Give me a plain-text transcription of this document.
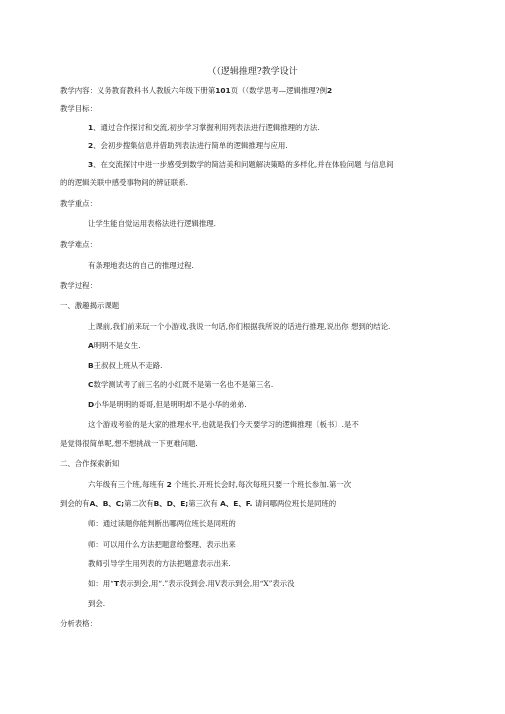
（（逻辑推理?教学设计
教学内容：义务教育教科书人教版六年级下册第101页（（数学思考—逻辑推理?例2
教学目标：
1、通过合作探讨和交流,初步学习掌握利用列表法进行逻辑推理的方法.
2、会初步搜集信息并借助列表法进行简单的逻辑推理与应用.
3、在交流探讨中进一步感受到数学的简洁美和问题解决策略的多样化,并在体验问题 与信息间
的的逻辑关联中感受事物间的辨证联系.
教学重点：
让学生能自觉运用表格法进行逻辑推理.
教学难点：
有条理地表达的自己的推理过程.
教学过程：
一、激趣揭示课题
上课前,我们前来玩一个小游戏,我说一句话,你们根据我所说的话进行推理,说出你 想到的结论.
A明明不是女生.
B王叔叔上班从不走路.
C数学测试考了前三名的小红既不是第一名也不是第三名.
D小华是明明的哥哥,但是明明却不是小华的弟弟.
这个游戏考验的是大家的推理水平,也就是我们今天要学习的逻辑推理〔板书〕.是不
是觉得很简单呢,想不想挑战一下更难问题.
二、合作探索新知
六年级有三个班,每班有 2 个班长.开班长会时,每次每班只要一个班长参加.第一次
到会的有A、B、C;第二次有B、D、E;第三次有 A、E、F. 请问哪两位班长是同班的
师：通过读题你能判断出哪两位班长是同班的
师：可以用什么方法把题意给整理、表示出来
教师引导学生用列表的方法把题意表示出来.
如：用“T表示到会,用“.”表示没到会.用V表示到会,用“X”表示没
到会.
分析表格：
